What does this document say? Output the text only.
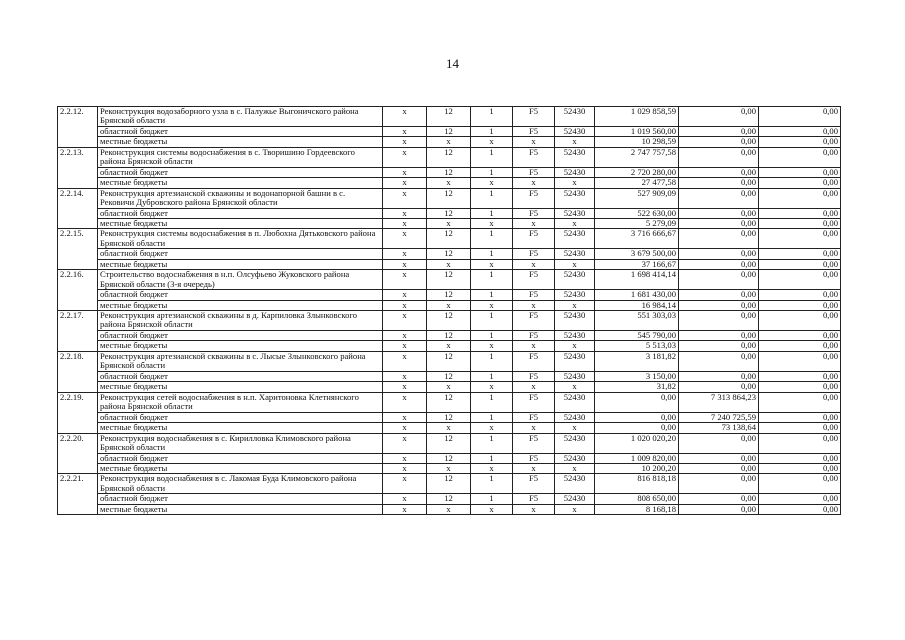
14
2.2.12.	Реконструкция водозаборного узла в с. Палужье Выгоничского района Брянской области	х	12	1	F5	52430	1 029 858,59	0,00	0,00
	областной бюджет	х	12	1	F5	52430	1 019 560,00	0,00	0,00
	местные бюджеты	х	х	х	х	х	10 298,59	0,00	0,00
2.2.13.	Реконструкция системы водоснабжения в с. Творишино Гордеевского района Брянской области	х	12	1	F5	52430	2 747 757,58	0,00	0,00
	областной бюджет	х	12	1	F5	52430	2 720 280,00	0,00	0,00
	местные бюджеты	х	х	х	х	х	27 477,58	0,00	0,00
2.2.14.	Реконструкция артезианской скважины и водонапорной башни в с. Рековичи Дубровского района Брянской области	х	12	1	F5	52430	527 909,09	0,00	0,00
	областной бюджет	х	12	1	F5	52430	522 630,00	0,00	0,00
	местные бюджеты	х	х	х	х	х	5 279,09	0,00	0,00
2.2.15.	Реконструкция системы водоснабжения в п. Любохна Дятьковского района Брянской области	х	12	1	F5	52430	3 716 666,67	0,00	0,00
	областной бюджет	х	12	1	F5	52430	3 679 500,00	0,00	0,00
	местные бюджеты	х	х	х	х	х	37 166,67	0,00	0,00
2.2.16.	Строительство водоснабжения в н.п. Олсуфьево Жуковского района Брянской области (3-я очередь)	х	12	1	F5	52430	1 698 414,14	0,00	0,00
	областной бюджет	х	12	1	F5	52430	1 681 430,00	0,00	0,00
	местные бюджеты	х	х	х	х	х	16 984,14	0,00	0,00
2.2.17.	Реконструкция артезианской скважины в д. Карпиловка Злынковского района Брянской области	х	12	1	F5	52430	551 303,03	0,00	0,00
	областной бюджет	х	12	1	F5	52430	545 790,00	0,00	0,00
	местные бюджеты	х	х	х	х	х	5 513,03	0,00	0,00
2.2.18.	Реконструкция артезианской скважины в с. Лысые Злынковского района Брянской области	х	12	1	F5	52430	3 181,82	0,00	0,00
	областной бюджет	х	12	1	F5	52430	3 150,00	0,00	0,00
	местные бюджеты	х	х	х	х	х	31,82	0,00	0,00
2.2.19.	Реконструкция сетей водоснабжения в н.п. Харитоновка Клетнянского района Брянской области	х	12	1	F5	52430	0,00	7 313 864,23	0,00
	областной бюджет	х	12	1	F5	52430	0,00	7 240 725,59	0,00
	местные бюджеты	х	х	х	х	х	0,00	73 138,64	0,00
2.2.20.	Реконструкция водоснабжения в с. Кирилловка Климовского района Брянской области	х	12	1	F5	52430	1 020 020,20	0,00	0,00
	областной бюджет	х	12	1	F5	52430	1 009 820,00	0,00	0,00
	местные бюджеты	х	х	х	х	х	10 200,20	0,00	0,00
2.2.21.	Реконструкция водоснабжения в с. Лакомая Буда Климовского района Брянской области	х	12	1	F5	52430	816 818,18	0,00	0,00
	областной бюджет	х	12	1	F5	52430	808 650,00	0,00	0,00
	местные бюджеты	х	х	х	х	х	8 168,18	0,00	0,00
